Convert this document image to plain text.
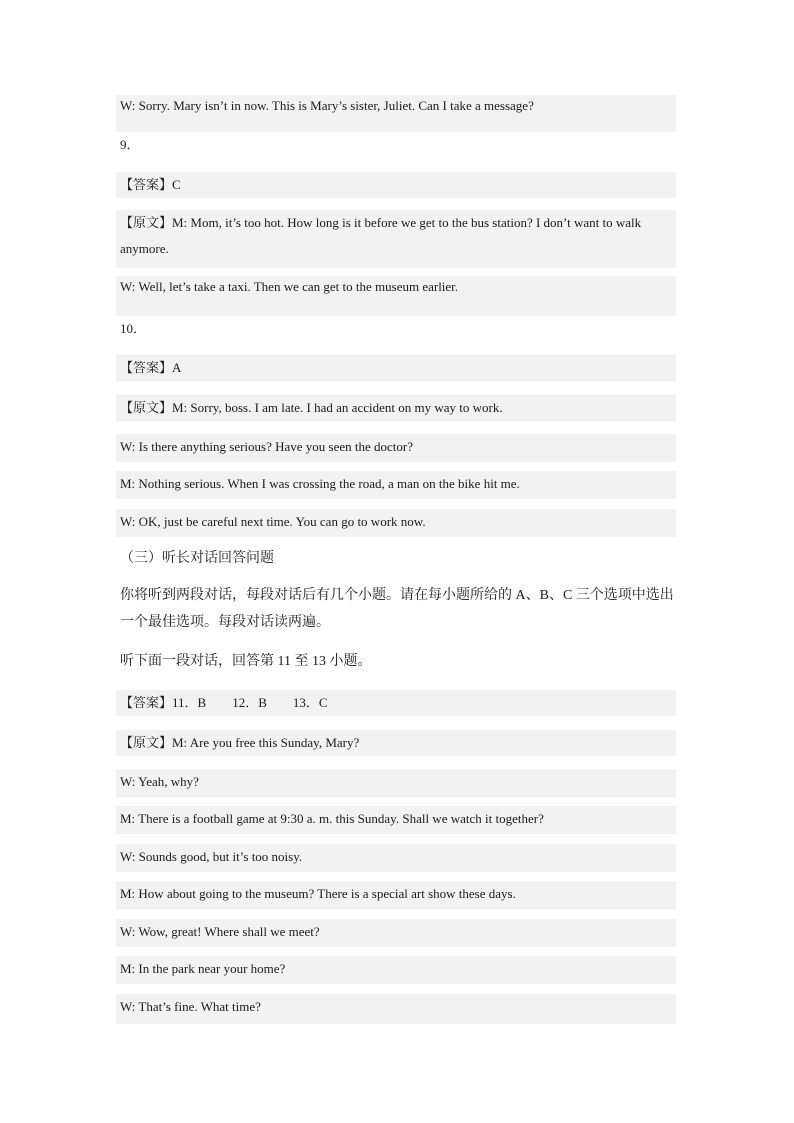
W: Sorry. Mary isn’t in now. This is Mary’s sister, Juliet. Can I take a message?
9．
【答案】C
【原文】M: Mom, it’s too hot. How long is it before we get to the bus station? I don’t want to walk anymore.
W: Well, let’s take a taxi. Then we can get to the museum earlier.
10．
【答案】A
【原文】M: Sorry, boss. I am late. I had an accident on my way to work.
W: Is there anything serious? Have you seen the doctor?
M: Nothing serious. When I was crossing the road, a man on the bike hit me.
W: OK, just be careful next time. You can go to work now.
（三）听长对话回答问题
你将听到两段对话，每段对话后有几个小题。请在每小题所给的 A、B、C 三个选项中选出一个最佳选项。每段对话读两遍。
听下面一段对话，回答第 11 至 13 小题。
【答案】11．B　　12．B　　13．C
【原文】M: Are you free this Sunday, Mary?
W: Yeah, why?
M: There is a football game at 9:30 a. m. this Sunday. Shall we watch it together?
W: Sounds good, but it’s too noisy.
M: How about going to the museum? There is a special art show these days.
W: Wow, great! Where shall we meet?
M: In the park near your home?
W: That’s fine. What time?
